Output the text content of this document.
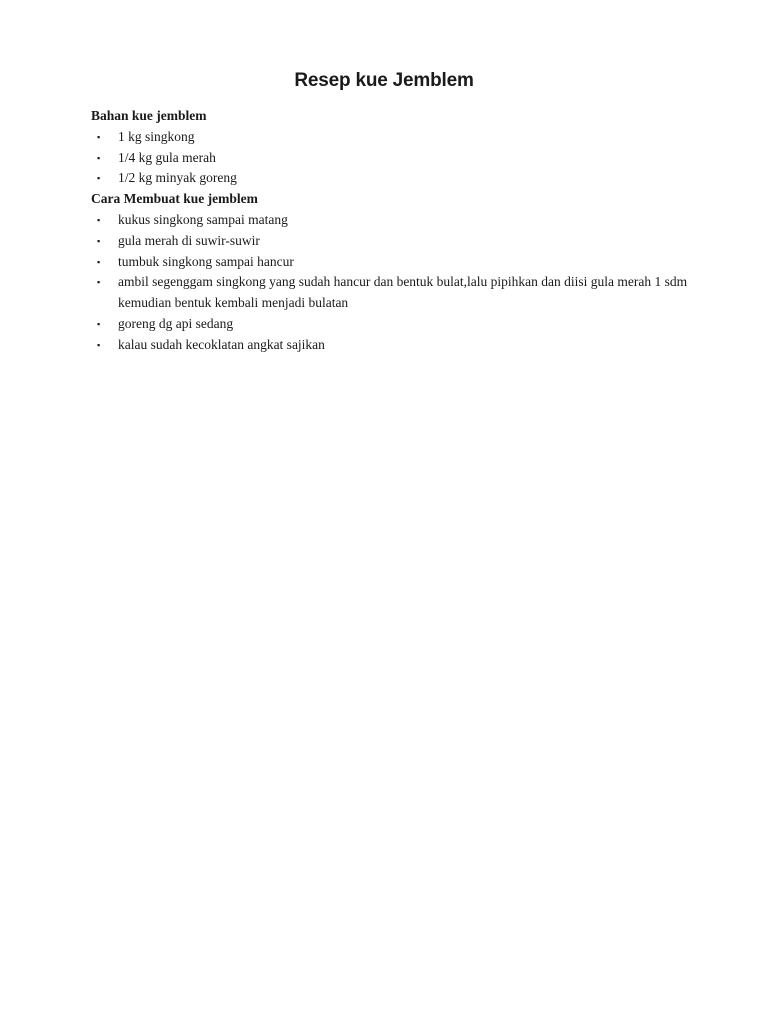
Resep kue Jemblem

Bahan kue jemblem

▪ 1 kg singkong
▪ 1/4 kg gula merah
▪ 1/2 kg minyak goreng

Cara Membuat kue jemblem

▪ kukus singkong sampai matang
▪ gula merah di suwir-suwir
▪ tumbuk singkong sampai hancur
▪ ambil segenggam singkong yang sudah hancur dan bentuk bulat,lalu pipihkan dan diisi gula merah 1 sdm kemudian bentuk kembali menjadi bulatan
▪ goreng dg api sedang
▪ kalau sudah kecoklatan angkat sajikan
